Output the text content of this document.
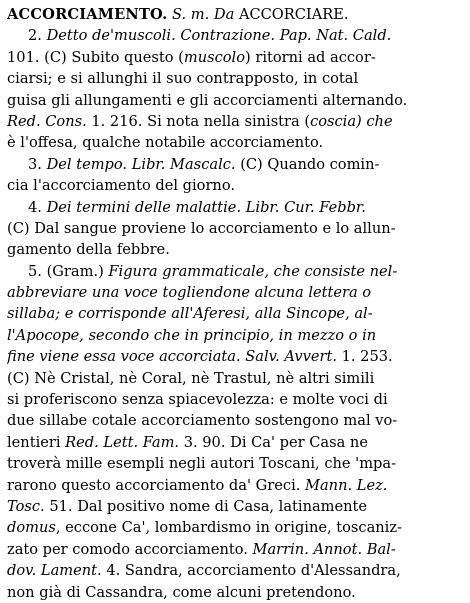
ACCORCIAMENTO. S. m. Da ACCORCIARE.
2. Detto de'muscoli. Contrazione. Pap. Nat. Cald.
101. (C) Subito questo (muscolo) ritorni ad accor-
ciarsi; e si allunghi il suo contrapposto, in cotal
guisa gli allungamenti e gli accorciamenti alternando.
Red. Cons. 1. 216. Si nota nella sinistra (coscia) che
è l'offesa, qualche notabile accorciamento.
3. Del tempo. Libr. Mascalc. (C) Quando comin-
cia l'accorciamento del giorno.
4. Dei termini delle malattie. Libr. Cur. Febbr.
(C) Dal sangue proviene lo accorciamento e lo allun-
gamento della febbre.
5. (Gram.) Figura grammaticale, che consiste nel-
abbreviare una voce togliendone alcuna lettera o
sillaba; e corrisponde all'Aferesi, alla Sincope, al-
l'Apocope, secondo che in principio, in mezzo o in
fine viene essa voce accorciata. Salv. Avvert. 1. 253.
(C) Nè Cristal, nè Coral, nè Trastul, nè altri simili
si proferiscono senza spiacevolezza: e molte voci di
due sillabe cotale accorciamento sostengono mal vo-
lentieri Red. Lett. Fam. 3. 90. Di Ca' per Casa ne
troverà mille esempli negli autori Toscani, che 'mpa-
rarono questo accorciamento da' Greci. Mann. Lez.
Tosc. 51. Dal positivo nome di Casa, latinamente
domus, eccone Ca', lombardismo in origine, toscaniz-
zato per comodo accorciamento. Marrin. Annot. Bal-
dov. Lament. 4. Sandra, accorciamento d'Alessandra,
non già di Cassandra, come alcuni pretendono.
